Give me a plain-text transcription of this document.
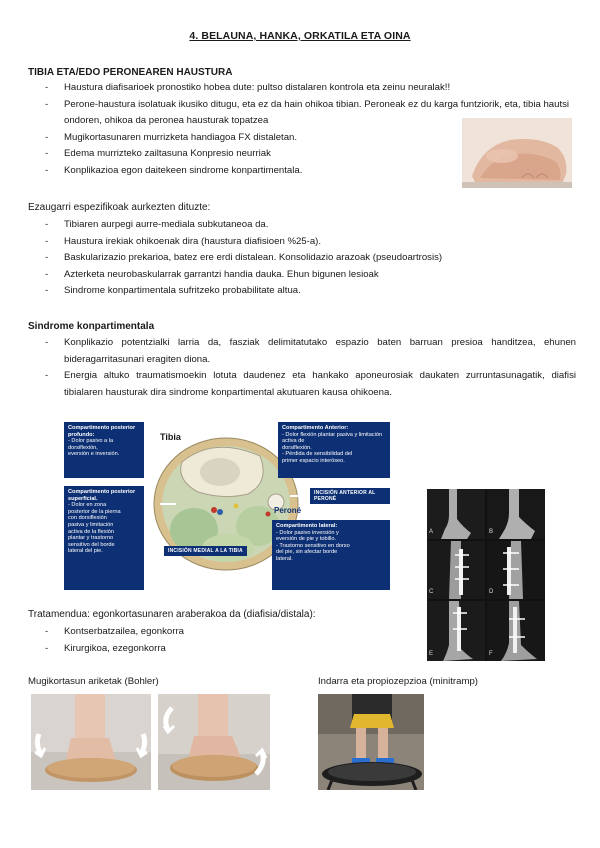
4. BELAUNA, HANKA, ORKATILA ETA OINA
TIBIA ETA/EDO PERONEAREN HAUSTURA
- Haustura diafisarioek pronostiko hobea dute: pultso distalaren kontrola eta zeinu neuralak!!
- Perone-haustura isolatuak ikusiko ditugu, eta ez da hain ohikoa tibian. Peroneak ez du karga funtziorik, eta, tibia hautsi ondoren, ohikoa da peronea hausturak topatzea
- Mugikortasunaren murrizketa handiagoa FX distaletan.
- Edema murrizteko zailtasuna Konpresio neurriak
- Konplikazioa egon daitekeen sindrome konpartimentala.
Ezaugarri espezifikoak aurkezten dituzte:
- Tibiaren aurpegi aurre-mediala subkutaneoa da.
- Haustura irekiak ohikoenak dira (haustura diafisioen %25-a).
- Baskularizazio prekarioa, batez ere erdi distalean. Konsolidazio arazoak (pseudoartrosis)
- Azterketa neurobaskularrak garrantzi handia dauka. Ehun bigunen lesioak
- Sindrome konpartimentala sufritzeko probabilitate altua.
Sindrome konpartimentala
- Konplikazio potentzialki larria da, fasziak delimitatutako espazio baten barruan presioa handitzea, ehunen bideragarritasunari eragiten diona.
- Energia altuko traumatismoekin lotuta daudenez eta hankako aponeurosiak daukaten zurruntasunagatik, diafisi tibialaren hausturak dira sindrome konpartimental akutuaren kausa ohikoena.
Compartimento posterior profundo:
- Dolor pasivo a la dorsiflexión,
eversión e inversión.
Compartimento posterior superficial.
- Dolor en zona
posterior de la pierna
con dorsiflexión
pasiva y limitación
activa de la flexión
plantar y trastorno
sensitivo del borde
lateral del pie.
Compartimento Anterior:
- Dolor flexión plantar pasiva y limitación activa de
dorsiflexión.
- Pérdida de sensibilidad del
primer espacio interóseo.
INCISIÓN ANTERIOR AL PERONÉ
Compartimento lateral:
- Dolor pasivo inversión y
eversión de pie y tobillo.
- Trastorno sensitivo en dorso
del pie, sin afectar borde
lateral.
INCISIÓN MEDIAL A LA TIBIA
Tibia
Peroné
A	B
C	D
E	F
Tratamendua: egonkortasunaren araberakoa da (diafisia/distala):
- Kontserbatzailea, egonkorra
- Kirurgikoa, ezegonkorra
Mugikortasun ariketak (Bohler)	Indarra eta propiozepzioa (minitramp)
